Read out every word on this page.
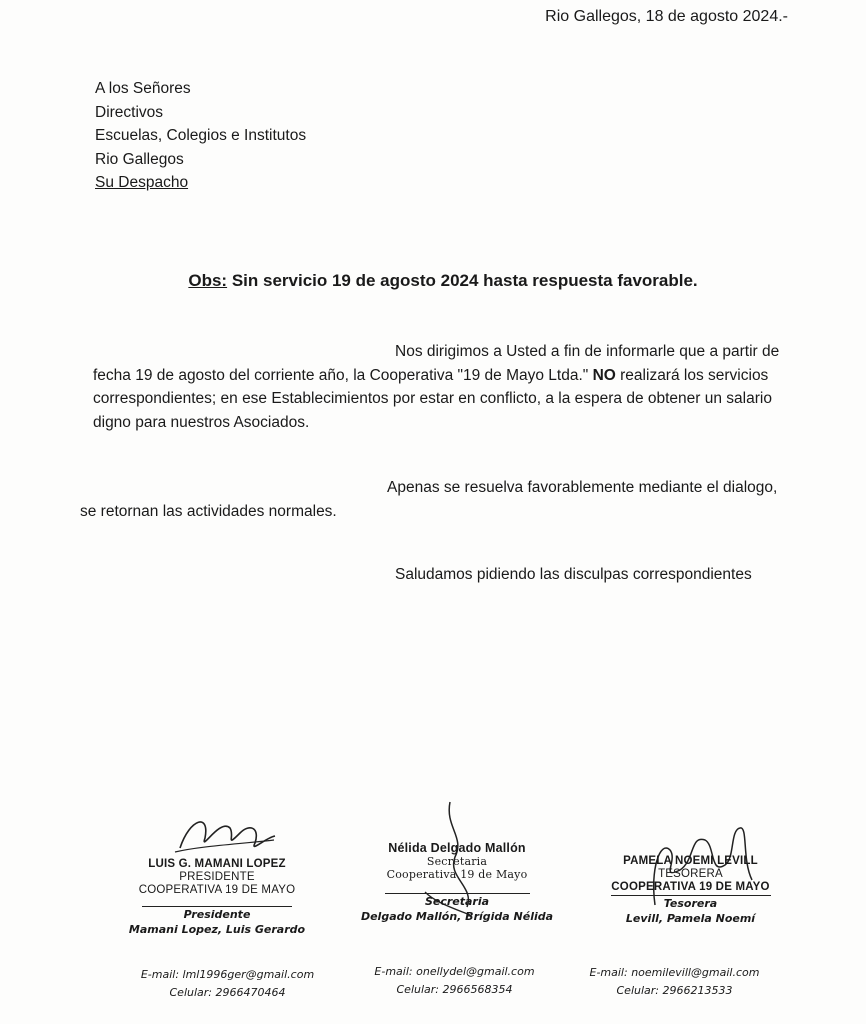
Rio Gallegos, 18 de agosto 2024.-
A los Señores
Directivos
Escuelas, Colegios e Institutos
Rio Gallegos
Su Despacho
Obs: Sin servicio 19 de agosto 2024 hasta respuesta favorable.
Nos dirigimos a Usted a fin de informarle que a partir de fecha 19 de agosto del corriente año, la Cooperativa "19 de Mayo Ltda." NO realizará los servicios correspondientes; en ese Establecimientos por estar en conflicto, a la espera de obtener un salario digno para nuestros Asociados.
Apenas se resuelva favorablemente mediante el dialogo, se retornan las actividades normales.
Saludamos pidiendo las disculpas correspondientes
LUIS G. MAMANI LOPEZ
PRESIDENTE
COOPERATIVA 19 DE MAYO
Presidente
Mamani Lopez, Luis Gerardo
Nélida Delgado Mallón
Secretaria
Cooperativa 19 de Mayo
Secretaria
Delgado Mallón, Brígida Nélida
PAMELA NOEMI LEVILL
TESORERA
COOPERATIVA 19 DE MAYO
Tesorera
Levill, Pamela Noemí
E-mail: lml1996ger@gmail.com
Celular: 2966470464
E-mail: onellydel@gmail.com
Celular: 2966568354
E-mail: noemilevill@gmail.com
Celular: 2966213533
